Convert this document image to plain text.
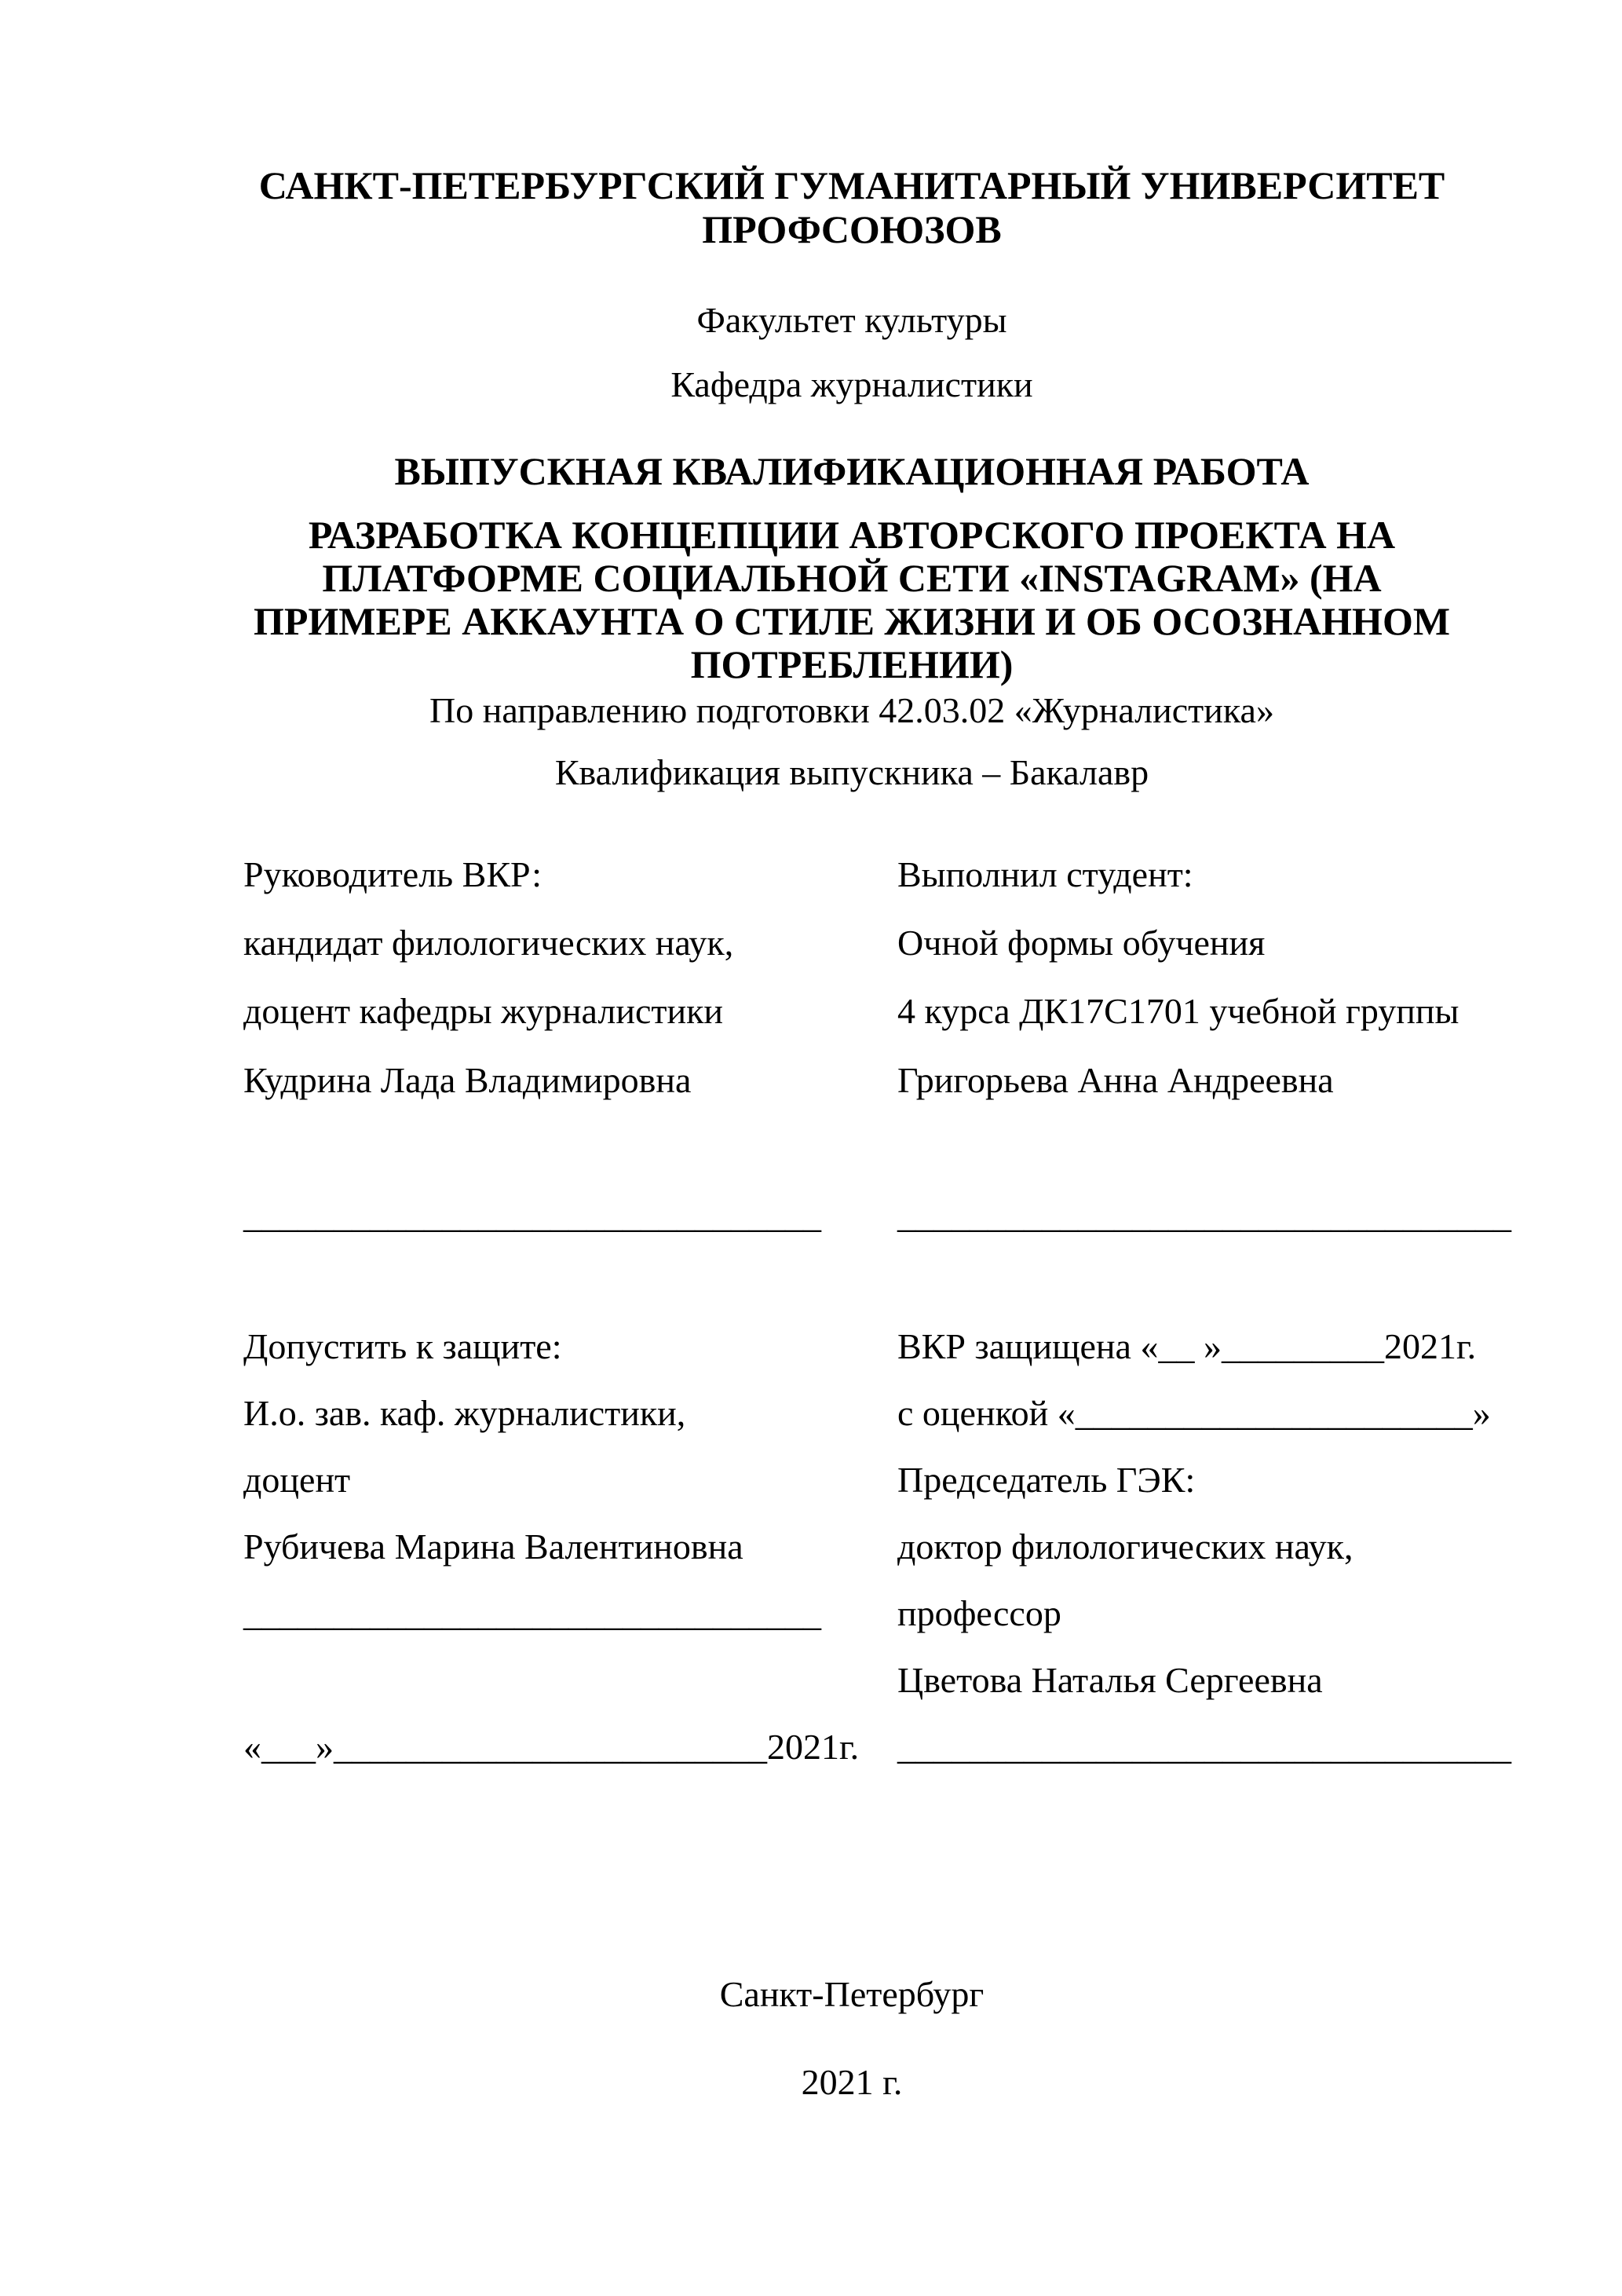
САНКТ-ПЕТЕРБУРГСКИЙ ГУМАНИТАРНЫЙ УНИВЕРСИТЕТ
ПРОФСОЮЗОВ
Факультет культуры
Кафедра журналистики
ВЫПУСКНАЯ КВАЛИФИКАЦИОННАЯ РАБОТА
РАЗРАБОТКА КОНЦЕПЦИИ АВТОРСКОГО ПРОЕКТА НА
ПЛАТФОРМЕ СОЦИАЛЬНОЙ СЕТИ «INSTAGRAM» (НА
ПРИМЕРЕ АККАУНТА О СТИЛЕ ЖИЗНИ И ОБ ОСОЗНАННОМ
ПОТРЕБЛЕНИИ)
По направлению подготовки 42.03.02 «Журналистика»
Квалификация выпускника – Бакалавр
Руководитель ВКР:
кандидат филологических наук,
доцент кафедры журналистики
Кудрина Лада Владимировна
________________________________
Выполнил студент:
Очной формы обучения
4 курса ДК17С1701 учебной группы
Григорьева Анна Андреевна
__________________________________
Допустить к защите:
И.о. зав. каф. журналистики,
доцент
Рубичева Марина Валентиновна
________________________________
«___»________________________2021г.
ВКР защищена «__ »_________2021г.
с оценкой «______________________»
Председатель ГЭК:
доктор филологических наук,
профессор
Цветова Наталья Сергеевна
__________________________________
Санкт-Петербург
2021 г.
